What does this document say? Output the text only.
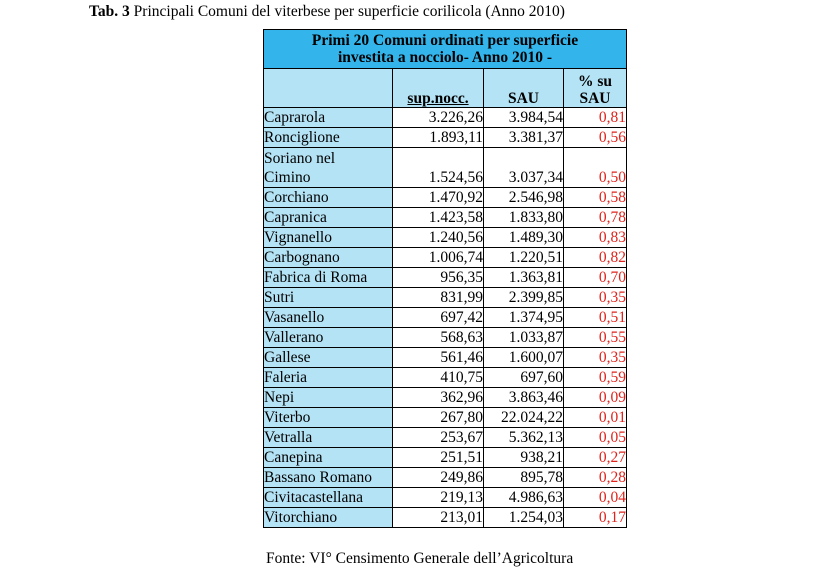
Tab. 3 Principali Comuni del viterbese per superficie corilicola (Anno 2010)
Primi 20 Comuni ordinati per superficie
investita a nocciolo- Anno 2010 -			
	sup.nocc.	SAU	% su
SAU
Caprarola	3.226,26	3.984,54	0,81
Ronciglione	1.893,11	3.381,37	0,56
Soriano nel
Cimino	1.524,56	3.037,34	0,50
Corchiano	1.470,92	2.546,98	0,58
Capranica	1.423,58	1.833,80	0,78
Vignanello	1.240,56	1.489,30	0,83
Carbognano	1.006,74	1.220,51	0,82
Fabrica di Roma	956,35	1.363,81	0,70
Sutri	831,99	2.399,85	0,35
Vasanello	697,42	1.374,95	0,51
Vallerano	568,63	1.033,87	0,55
Gallese	561,46	1.600,07	0,35
Faleria	410,75	697,60	0,59
Nepi	362,96	3.863,46	0,09
Viterbo	267,80	22.024,22	0,01
Vetralla	253,67	5.362,13	0,05
Canepina	251,51	938,21	0,27
Bassano Romano	249,86	895,78	0,28
Civitacastellana	219,13	4.986,63	0,04
Vitorchiano	213,01	1.254,03	0,17
Fonte: VI° Censimento Generale dell’Agricoltura
